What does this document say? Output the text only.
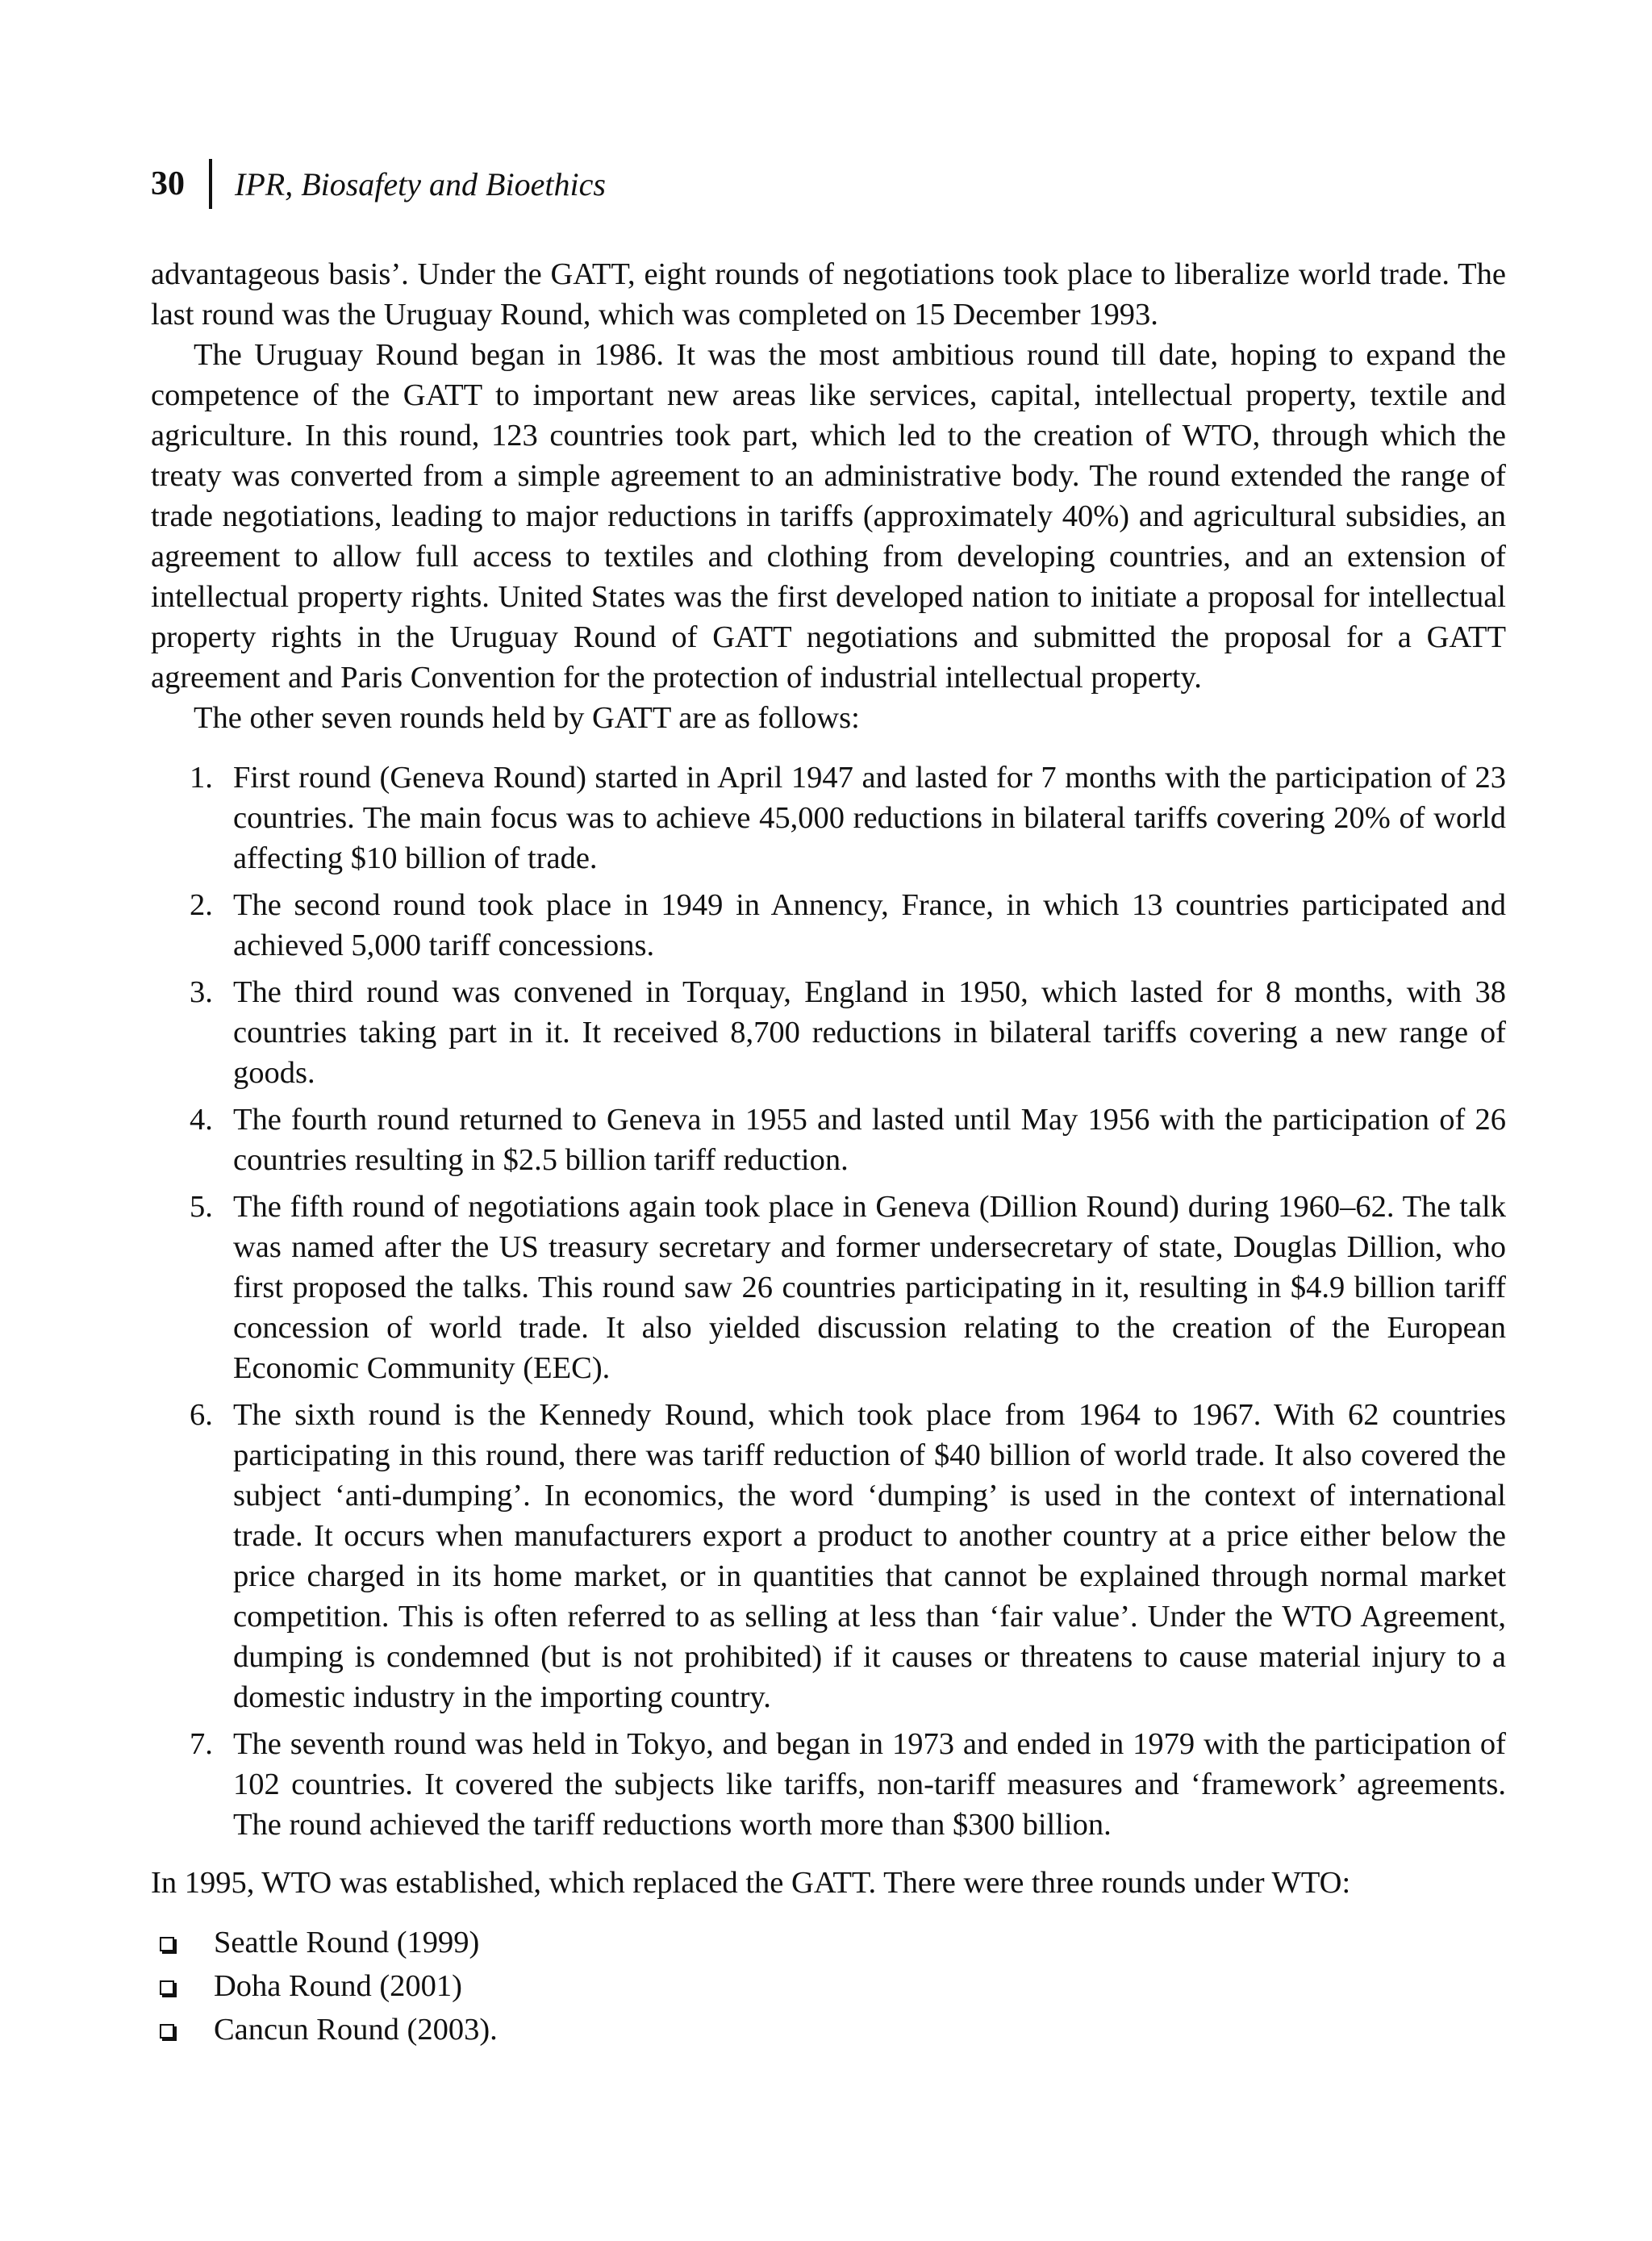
30 IPR, Biosafety and Bioethics

advantageous basis’. Under the GATT, eight rounds of negotiations took place to liberalize world trade. The last round was the Uruguay Round, which was completed on 15 December 1993.

The Uruguay Round began in 1986. It was the most ambitious round till date, hoping to expand the competence of the GATT to important new areas like services, capital, intellectual property, textile and agriculture. In this round, 123 countries took part, which led to the creation of WTO, through which the treaty was converted from a simple agreement to an administrative body. The round extended the range of trade negotiations, leading to major reductions in tariffs (approximately 40%) and agricultural subsidies, an agreement to allow full access to textiles and clothing from developing countries, and an extension of intellectual property rights. United States was the first developed nation to initiate a proposal for intellectual property rights in the Uruguay Round of GATT negotiations and submitted the proposal for a GATT agreement and Paris Convention for the protection of industrial intellectual property.

The other seven rounds held by GATT are as follows:

1. First round (Geneva Round) started in April 1947 and lasted for 7 months with the participation of 23 countries. The main focus was to achieve 45,000 reductions in bilateral tariffs covering 20% of world affecting $10 billion of trade.
2. The second round took place in 1949 in Annency, France, in which 13 countries participated and achieved 5,000 tariff concessions.
3. The third round was convened in Torquay, England in 1950, which lasted for 8 months, with 38 countries taking part in it. It received 8,700 reductions in bilateral tariffs covering a new range of goods.
4. The fourth round returned to Geneva in 1955 and lasted until May 1956 with the participation of 26 countries resulting in $2.5 billion tariff reduction.
5. The fifth round of negotiations again took place in Geneva (Dillion Round) during 1960–62. The talk was named after the US treasury secretary and former undersecretary of state, Douglas Dillion, who first proposed the talks. This round saw 26 countries participating in it, resulting in $4.9 billion tariff concession of world trade. It also yielded discussion relating to the creation of the European Economic Community (EEC).
6. The sixth round is the Kennedy Round, which took place from 1964 to 1967. With 62 countries participating in this round, there was tariff reduction of $40 billion of world trade. It also covered the subject ‘anti-dumping’. In economics, the word ‘dumping’ is used in the context of international trade. It occurs when manufacturers export a product to another country at a price either below the price charged in its home market, or in quantities that cannot be explained through normal market competition. This is often referred to as selling at less than ‘fair value’. Under the WTO Agreement, dumping is condemned (but is not prohibited) if it causes or threatens to cause material injury to a domestic industry in the importing country.
7. The seventh round was held in Tokyo, and began in 1973 and ended in 1979 with the participation of 102 countries. It covered the subjects like tariffs, non-tariff measures and ‘framework’ agreements. The round achieved the tariff reductions worth more than $300 billion.

In 1995, WTO was established, which replaced the GATT. There were three rounds under WTO:

Seattle Round (1999)
Doha Round (2001)
Cancun Round (2003).
